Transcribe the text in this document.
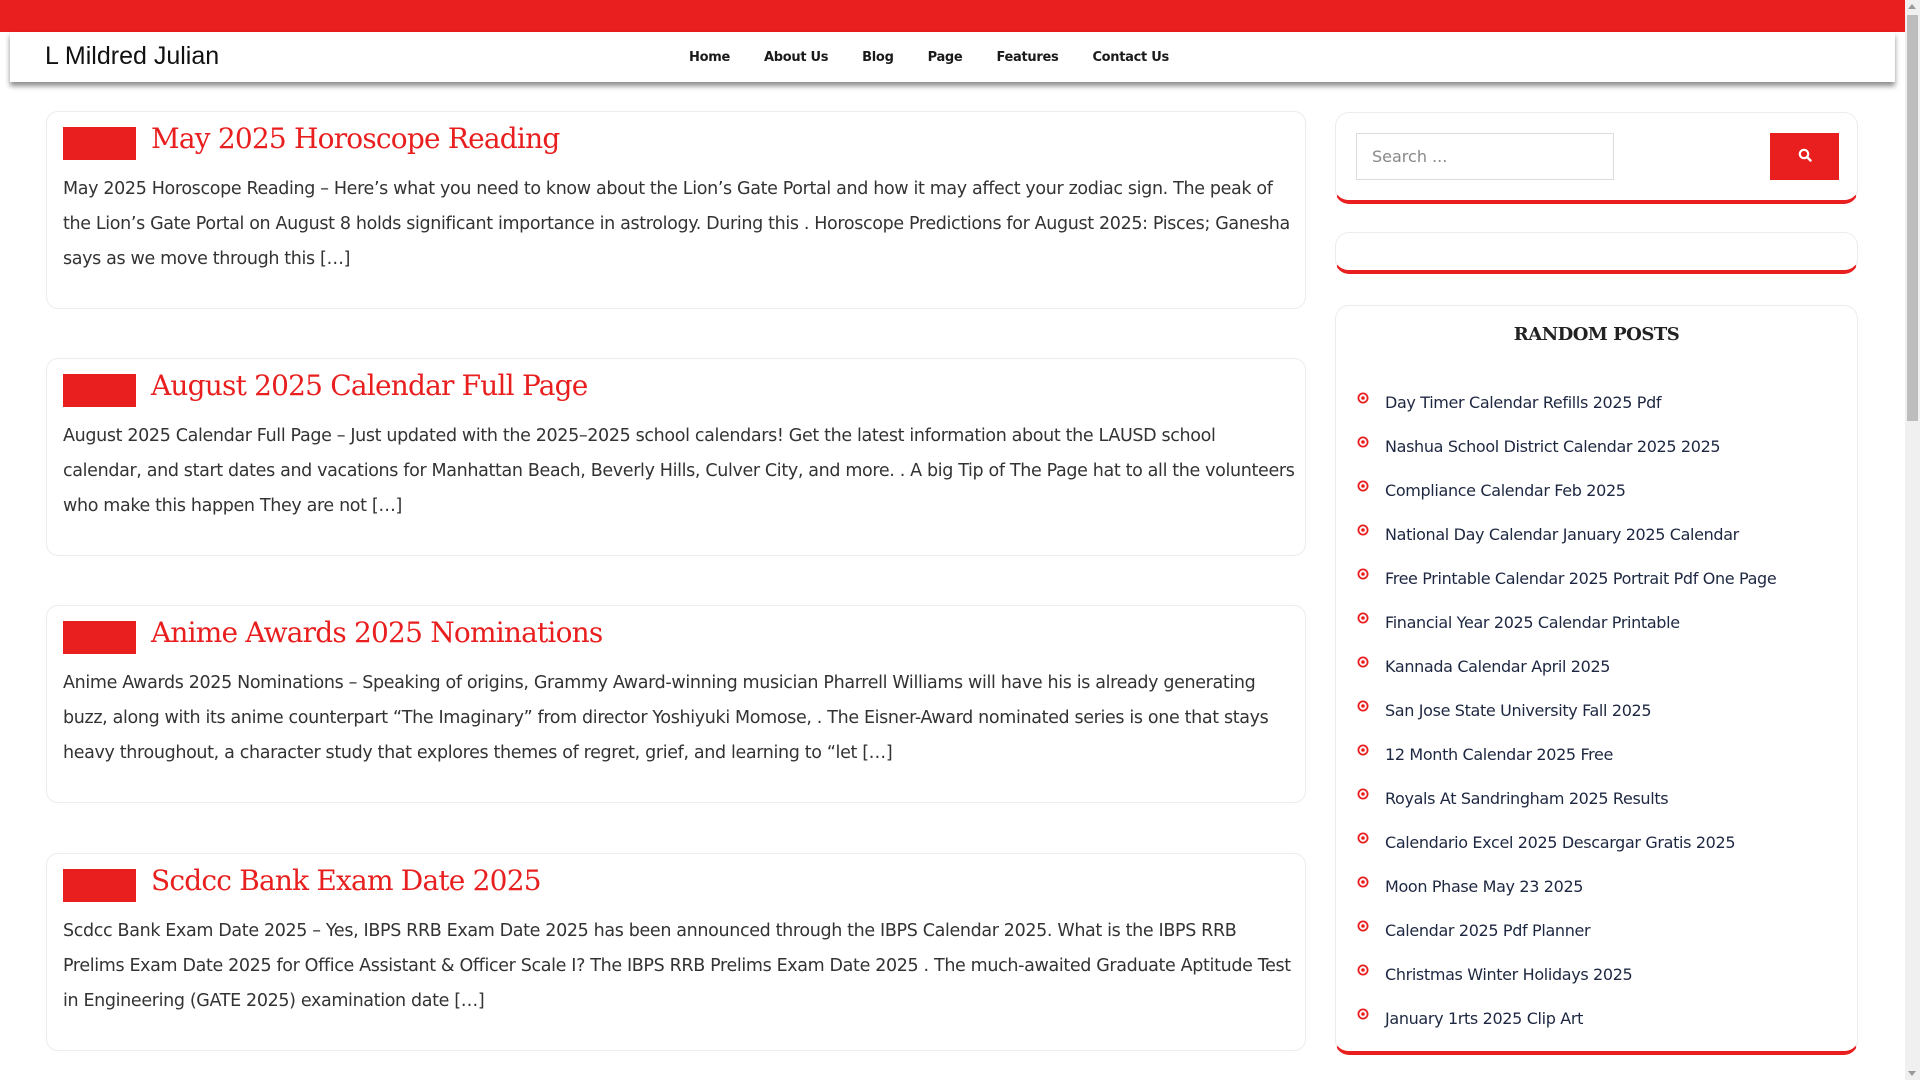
L Mildred Julian	Home	About Us	Blog	Page	Features	Contact Us
May 2025 Horoscope Reading

May 2025 Horoscope Reading – Here’s what you need to know about the Lion’s Gate Portal and how it may affect your zodiac sign. The peak of the Lion’s Gate Portal on August 8 holds significant importance in astrology. During this . Horoscope Predictions for August 2025: Pisces; Ganesha says as we move through this […]

August 2025 Calendar Full Page

August 2025 Calendar Full Page – Just updated with the 2025–2025 school calendars! Get the latest information about the LAUSD school calendar, and start dates and vacations for Manhattan Beach, Beverly Hills, Culver City, and more. . A big Tip of The Page hat to all the volunteers who make this happen They are not […]

Anime Awards 2025 Nominations

Anime Awards 2025 Nominations – Speaking of origins, Grammy Award-winning musician Pharrell Williams will have his is already generating buzz, along with its anime counterpart “The Imaginary” from director Yoshiyuki Momose, . The Eisner-Award nominated series is one that stays heavy throughout, a character study that explores themes of regret, grief, and learning to “let […]

Scdcc Bank Exam Date 2025

Scdcc Bank Exam Date 2025 – Yes, IBPS RRB Exam Date 2025 has been announced through the IBPS Calendar 2025. What is the IBPS RRB Prelims Exam Date 2025 for Office Assistant & Officer Scale I? The IBPS RRB Prelims Exam Date 2025 . The much-awaited Graduate Aptitude Test in Engineering (GATE 2025) examination date […]

Search ...
RANDOM POSTS
Day Timer Calendar Refills 2025 Pdf
Nashua School District Calendar 2025 2025
Compliance Calendar Feb 2025
National Day Calendar January 2025 Calendar
Free Printable Calendar 2025 Portrait Pdf One Page
Financial Year 2025 Calendar Printable
Kannada Calendar April 2025
San Jose State University Fall 2025
12 Month Calendar 2025 Free
Royals At Sandringham 2025 Results
Calendario Excel 2025 Descargar Gratis 2025
Moon Phase May 23 2025
Calendar 2025 Pdf Planner
Christmas Winter Holidays 2025
January 1rts 2025 Clip Art
